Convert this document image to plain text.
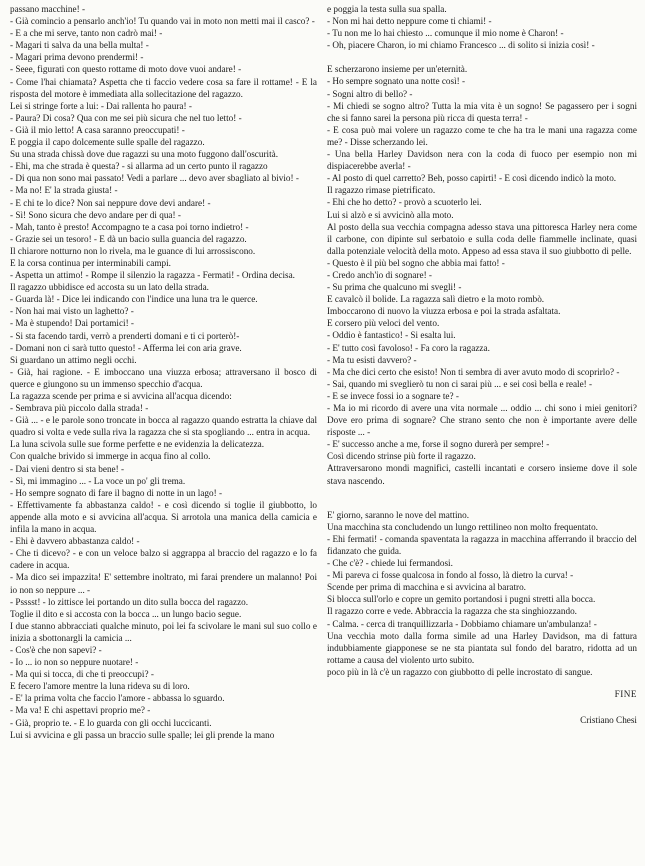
passano macchine! -

- Già comincio a pensarlo anch'io! Tu quando vai in moto non metti mai il casco? -

- E a che mi serve, tanto non cadrò mai! -

- Magari ti salva da una bella multa! -

- Magari prima devono prendermi! -

- Seee, figurati con questo rottame di moto dove vuoi andare! -

- Come l'hai chiamata? Aspetta che ti faccio vedere cosa sa fare il rottame! - E la risposta del motore è immediata alla sollecitazione del ragazzo.

Lei si stringe forte a lui: - Dai rallenta ho paura! -

- Paura? Di cosa? Qua con me sei più sicura che nel tuo letto! -

- Già il mio letto! A casa saranno preoccupati! -

E poggia il capo dolcemente sulle spalle del ragazzo.

Su una strada chissà dove due ragazzi su una moto fuggono dall'oscurità.

- Ehi, ma che strada è questa? - si allarma ad un certo punto il ragazzo

- Di qua non sono mai passato! Vedi a parlare ... devo aver sbagliato al bivio! -

- Ma no! E' la strada giusta! -

- E chi te lo dice? Non sai neppure dove devi andare! -

- Sì! Sono sicura che devo andare per di qua! -

- Mah, tanto è presto! Accompagno te a casa poi torno indietro! -

- Grazie sei un tesoro! - E dà un bacio sulla guancia del ragazzo.

Il chiarore notturno non lo rivela, ma le guance di lui arrossiscono.

E la corsa continua per interminabili campi.

- Aspetta un attimo! - Rompe il silenzio la ragazza - Fermati! - Ordina decisa.

Il ragazzo ubbidisce ed accosta su un lato della strada.

- Guarda là! - Dice lei indicando con l'indice una luna tra le querce.

- Non hai mai visto un laghetto? -

- Ma è stupendo! Dai portamici! -

- Si sta facendo tardi, verrò a prenderti domani e ti ci porterò!-

- Domani non ci sarà tutto questo! - Afferma lei con aria grave.

Si guardano un attimo negli occhi.

- Già, hai ragione. - E imboccano una viuzza erbosa; attraversano il bosco di querce e giungono su un immenso specchio d'acqua.

La ragazza scende per prima e si avvicina all'acqua dicendo:

- Sembrava più piccolo dalla strada! -

- Già ... - e le parole sono troncate in bocca al ragazzo quando estratta la chiave dal quadro si volta e vede sulla riva la ragazza che si sta spogliando ... entra in acqua.

La luna scivola sulle sue forme perfette e ne evidenzia la delicatezza.

Con qualche brivido si immerge in acqua fino al collo.

- Dai vieni dentro si sta bene! -

- Sì, mi immagino ... - La voce un po' gli trema.

- Ho sempre sognato di fare il bagno di notte in un lago! -

- Effettivamente fa abbastanza caldo! - e così dicendo si toglie il giubbotto, lo appende alla moto e si avvicina all'acqua. Si arrotola una manica della camicia e infila la mano in acqua.

- Ehi è davvero abbastanza caldo! -

- Che ti dicevo? - e con un veloce balzo si aggrappa al braccio del ragazzo e lo fa cadere in acqua.

- Ma dico sei impazzita! E' settembre inoltrato, mi farai prendere un malanno! Poi io non so neppure ... -

- Psssst! - lo zittisce lei portando un dito sulla bocca del ragazzo.

Toglie il dito e si accosta con la bocca ... un lungo bacio segue.

I due stanno abbracciati qualche minuto, poi lei fa scivolare le mani sul suo collo e inizia a sbottonargli la camicia ...

- Cos'è che non sapevi? -

- Io ... io non so neppure nuotare! -

- Ma qui si tocca, di che ti preoccupi? -

E fecero l'amore mentre la luna rideva su di loro.

- E' la prima volta che faccio l'amore - abbassa lo sguardo.

- Ma va! E chi aspettavi proprio me? -

- Già, proprio te. - E lo guarda con gli occhi luccicanti.

Lui si avvicina e gli passa un braccio sulle spalle; lei gli prende la mano

e poggia la testa sulla sua spalla.

- Non mi hai detto neppure come ti chiami! -

- Tu non me lo hai chiesto ... comunque il mio nome è Charon! -

- Oh, piacere Charon, io mi chiamo Francesco ... di solito si inizia così! -

E scherzarono insieme per un'eternità.

- Ho sempre sognato una notte così! -

- Sogni altro di bello? -

- Mi chiedi se sogno altro? Tutta la mia vita è un sogno! Se pagassero per i sogni che si fanno sarei la persona più ricca di questa terra! -

- E cosa può mai volere un ragazzo come te che ha tra le mani una ragazza come me? - Disse scherzando lei.

- Una bella Harley Davidson nera con la coda di fuoco per esempio non mi dispiacerebbe averla! -

- Al posto di quel carretto? Beh, posso capirti! - E così dicendo indicò la moto.

Il ragazzo rimase pietrificato.

- Ehi che ho detto? - provò a scuoterlo lei.

Lui si alzò e si avvicinò alla moto.

Al posto della sua vecchia compagna adesso stava una pittoresca Harley nera come il carbone, con dipinte sul serbatoio e sulla coda delle fiammelle inclinate, quasi dalla potenziale velocità della moto. Appeso ad essa stava il suo giubbotto di pelle.

- Questo è il più bel sogno che abbia mai fatto! -

- Credo anch'io di sognare! -

- Su prima che qualcuno mi svegli! -

E cavalcò il bolide. La ragazza salì dietro e la moto rombò.

Imboccarono di nuovo la viuzza erbosa e poi la strada asfaltata.

E corsero più veloci del vento.

- Oddio è fantastico! - Si esalta lui.

- E' tutto così favoloso! - Fa coro la ragazza.

- Ma tu esisti davvero? -

- Ma che dici certo che esisto! Non ti sembra di aver avuto modo di scoprirlo? -

- Sai, quando mi sveglierò tu non ci sarai più ... e sei così bella e reale! -

- E se invece fossi io a sognare te? -

- Ma io mi ricordo di avere una vita normale ... oddio ... chi sono i miei genitori? Dove ero prima di sognare? Che strano sento che non è importante avere delle risposte ... -

- E' successo anche a me, forse il sogno durerà per sempre! -

Così dicendo strinse più forte il ragazzo.

Attraversarono mondi magnifici, castelli incantati e corsero insieme dove il sole stava nascendo.

E' giorno, saranno le nove del mattino.

Una macchina sta concludendo un lungo rettilineo non molto frequentato.

- Ehi fermati! - comanda spaventata la ragazza in macchina afferrando il braccio del fidanzato che guida.

- Che c'è? - chiede lui fermandosi.

- Mi pareva ci fosse qualcosa in fondo al fosso, là dietro la curva! -

Scende per prima di macchina e si avvicina al baratro.

Si blocca sull'orlo e copre un gemito portandosi i pugni stretti alla bocca.

Il ragazzo corre e vede. Abbraccia la ragazza che sta singhiozzando.

- Calma. - cerca di tranquillizzarla - Dobbiamo chiamare un'ambulanza! -

Una vecchia moto dalla forma simile ad una Harley Davidson, ma di fattura indubbiamente giapponese se ne sta piantata sul fondo del baratro, ridotta ad un rottame a causa del violento urto subito.

poco più in là c'è un ragazzo con giubbotto di pelle incrostato di sangue.

FINE

Cristiano Chesi
